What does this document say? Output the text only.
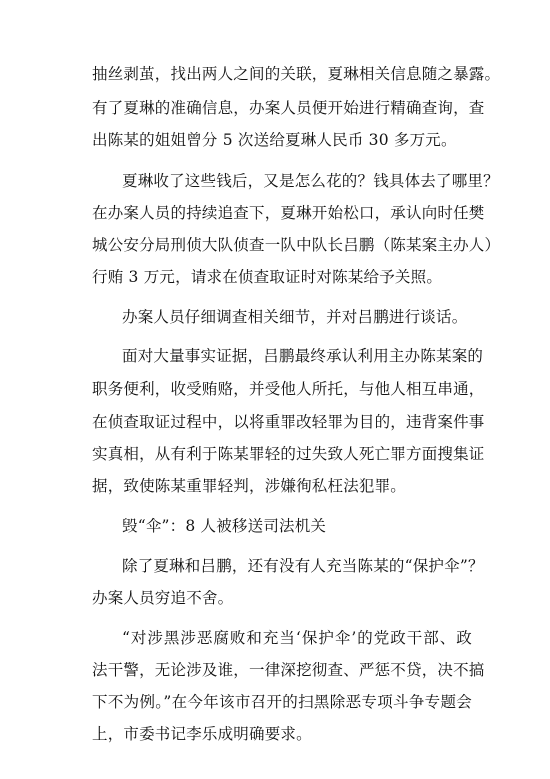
抽丝剥茧，找出两人之间的关联，夏琳相关信息随之暴露。
有了夏琳的准确信息，办案人员便开始进行精确查询，查
出陈某的姐姐曾分 5 次送给夏琳人民币 30 多万元。
夏琳收了这些钱后，又是怎么花的？钱具体去了哪里？
在办案人员的持续追查下，夏琳开始松口，承认向时任樊
城公安分局刑侦大队侦查一队中队长吕鹏（陈某案主办人）
行贿 3 万元，请求在侦查取证时对陈某给予关照。
办案人员仔细调查相关细节，并对吕鹏进行谈话。
面对大量事实证据，吕鹏最终承认利用主办陈某案的
职务便利，收受贿赂，并受他人所托，与他人相互串通，
在侦查取证过程中，以将重罪改轻罪为目的，违背案件事
实真相，从有利于陈某罪轻的过失致人死亡罪方面搜集证
据，致使陈某重罪轻判，涉嫌徇私枉法犯罪。
毁“伞”：8 人被移送司法机关
除了夏琳和吕鹏，还有没有人充当陈某的“保护伞”？
办案人员穷追不舍。
“对涉黑涉恶腐败和充当‘保护伞’的党政干部、政
法干警，无论涉及谁，一律深挖彻查、严惩不贷，决不搞
下不为例。”在今年该市召开的扫黑除恶专项斗争专题会
上，市委书记李乐成明确要求。
